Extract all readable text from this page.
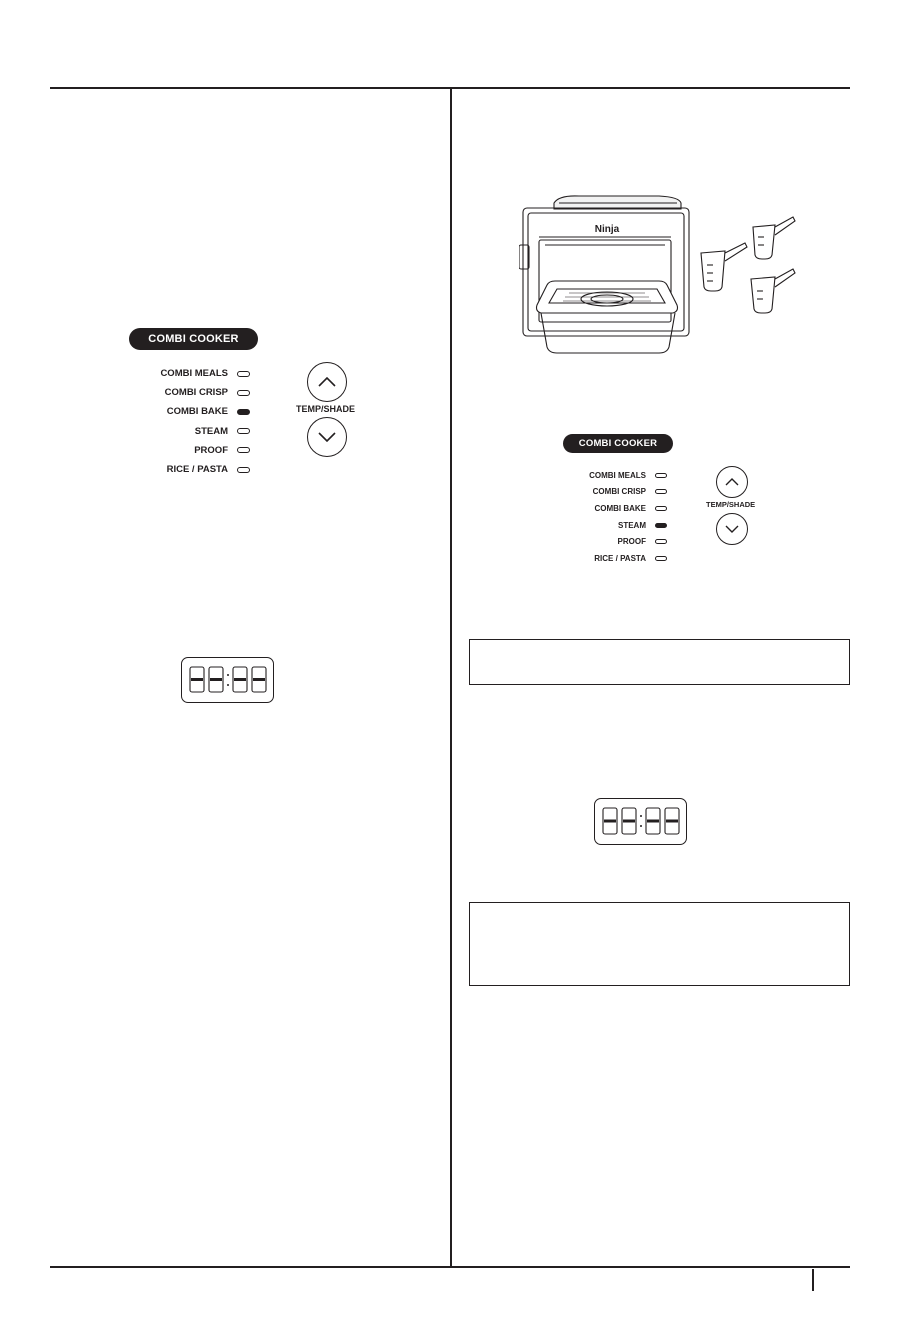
COMBI COOKER
COMBI MEALS
COMBI CRISP
COMBI BAKE
STEAM
PROOF
RICE / PASTA
TEMP/SHADE
Ninja
COMBI COOKER
COMBI MEALS
COMBI CRISP
COMBI BAKE
STEAM
PROOF
RICE / PASTA
TEMP/SHADE
